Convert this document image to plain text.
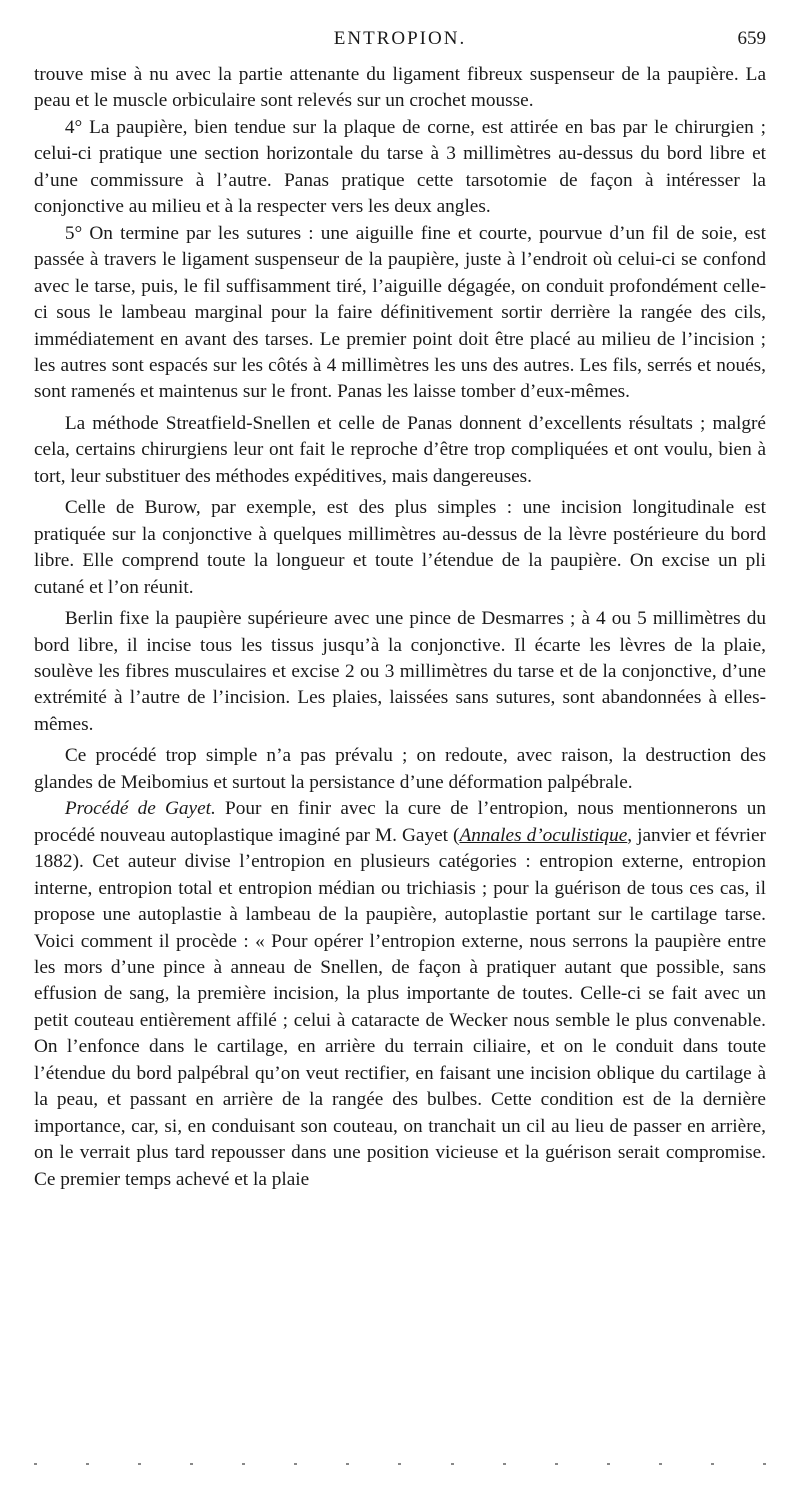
ENTROPION.	659

trouve mise à nu avec la partie attenante du ligament fibreux suspenseur de la paupière. La peau et le muscle orbiculaire sont relevés sur un crochet mousse.

4° La paupière, bien tendue sur la plaque de corne, est attirée en bas par le chirurgien ; celui-ci pratique une section horizontale du tarse à 3 millimètres au-dessus du bord libre et d’une commissure à l’autre. Panas pratique cette tarsotomie de façon à intéresser la conjonctive au milieu et à la respecter vers les deux angles.

5° On termine par les sutures : une aiguille fine et courte, pourvue d’un fil de soie, est passée à travers le ligament suspenseur de la paupière, juste à l’endroit où celui-ci se confond avec le tarse, puis, le fil suffisamment tiré, l’aiguille dégagée, on conduit profondément celle-ci sous le lambeau marginal pour la faire définitivement sortir derrière la rangée des cils, immédiatement en avant des tarses. Le premier point doit être placé au milieu de l’incision ; les autres sont espacés sur les côtés à 4 millimètres les uns des autres. Les fils, serrés et noués, sont ramenés et maintenus sur le front. Panas les laisse tomber d’eux-mêmes.

La méthode Streatfield-Snellen et celle de Panas donnent d’excellents résultats ; malgré cela, certains chirurgiens leur ont fait le reproche d’être trop compliquées et ont voulu, bien à tort, leur substituer des méthodes expéditives, mais dangereuses.

Celle de Burow, par exemple, est des plus simples : une incision longitudinale est pratiquée sur la conjonctive à quelques millimètres au-dessus de la lèvre postérieure du bord libre. Elle comprend toute la longueur et toute l’étendue de la paupière. On excise un pli cutané et l’on réunit.

Berlin fixe la paupière supérieure avec une pince de Desmarres ; à 4 ou 5 millimètres du bord libre, il incise tous les tissus jusqu’à la conjonctive. Il écarte les lèvres de la plaie, soulève les fibres musculaires et excise 2 ou 3 millimètres du tarse et de la conjonctive, d’une extrémité à l’autre de l’incision. Les plaies, laissées sans sutures, sont abandonnées à elles-mêmes.

Ce procédé trop simple n’a pas prévalu ; on redoute, avec raison, la destruction des glandes de Meibomius et surtout la persistance d’une déformation palpébrale.

Procédé de Gayet. Pour en finir avec la cure de l’entropion, nous mentionnerons un procédé nouveau autoplastique imaginé par M. Gayet (Annales d’oculistique, janvier et février 1882). Cet auteur divise l’entropion en plusieurs catégories : entropion externe, entropion interne, entropion total et entropion médian ou trichiasis ; pour la guérison de tous ces cas, il propose une autoplastie à lambeau de la paupière, autoplastie portant sur le cartilage tarse. Voici comment il procède : « Pour opérer l’entropion externe, nous serrons la paupière entre les mors d’une pince à anneau de Snellen, de façon à pratiquer autant que possible, sans effusion de sang, la première incision, la plus importante de toutes. Celle-ci se fait avec un petit couteau entièrement affilé ; celui à cataracte de Wecker nous semble le plus convenable. On l’enfonce dans le cartilage, en arrière du terrain ciliaire, et on le conduit dans toute l’étendue du bord palpébral qu’on veut rectifier, en faisant une incision oblique du cartilage à la peau, et passant en arrière de la rangée des bulbes. Cette condition est de la dernière importance, car, si, en conduisant son couteau, on tranchait un cil au lieu de passer en arrière, on le verrait plus tard repousser dans une position vicieuse et la guérison serait compromise. Ce premier temps achevé et la plaie
